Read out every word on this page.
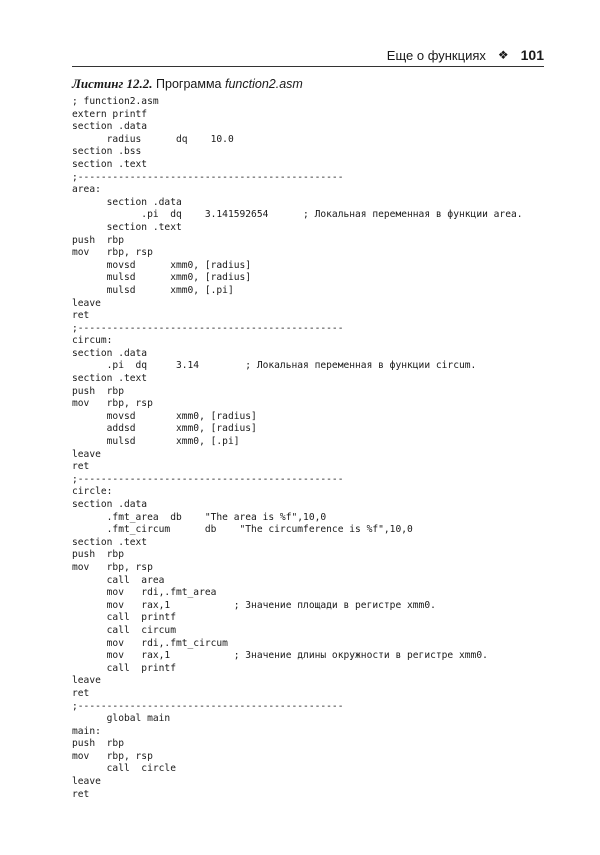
Еще о функциях ❖ 101
Листинг 12.2. Программа function2.asm
; function2.asm
extern printf
section .data
radius      dq    10.0
section .bss
section .text
;----------------------------------------------
area:
section .data
.pi  dq    3.141592654      ; Локальная переменная в функции area.
section .text
push  rbp
mov   rbp, rsp
movsd      xmm0, [radius]
mulsd      xmm0, [radius]
mulsd      xmm0, [.pi]
leave
ret
;----------------------------------------------
circum:
section .data
.pi  dq     3.14        ; Локальная переменная в функции circum.
section .text
push  rbp
mov   rbp, rsp
movsd       xmm0, [radius]
addsd       xmm0, [radius]
mulsd       xmm0, [.pi]
leave
ret
;----------------------------------------------
circle:
section .data
.fmt_area  db    "The area is %f",10,0
.fmt_circum      db    "The circumference is %f",10,0
section .text
push  rbp
mov   rbp, rsp
call  area
mov   rdi,.fmt_area
mov   rax,1           ; Значение площади в регистре xmm0.
call  printf
call  circum
mov   rdi,.fmt_circum
mov   rax,1           ; Значение длины окружности в регистре xmm0.
call  printf
leave
ret
;----------------------------------------------
global main
main:
push  rbp
mov   rbp, rsp
call  circle
leave
ret
